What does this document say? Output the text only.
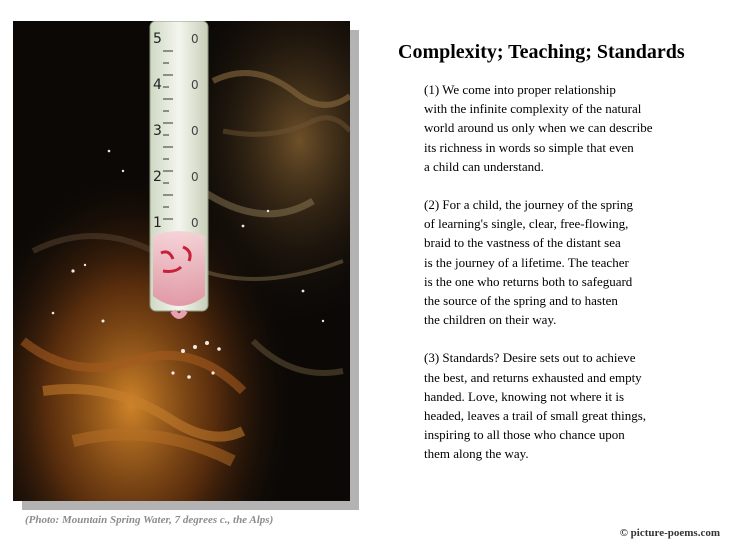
5
4
3
2
1
0
0
0
0
0
(Photo: Mountain Spring Water, 7 degrees c., the Alps)
Complexity; Teaching; Standards
(1) We come into proper relationship
with the infinite complexity of the natural
world around us only when we can describe
its richness in words so simple that even
a child can understand.
(2) For a child, the journey of the spring
of learning's single, clear, free-flowing,
braid to the vastness of the distant sea
is the journey of a lifetime. The teacher
is the one who returns both to safeguard
the source of the spring and to hasten
the children on their way.
(3) Standards? Desire sets out to achieve
the best, and returns exhausted and empty
handed. Love, knowing not where it is
headed, leaves a trail of small great things,
inspiring to all those who chance upon
them along the way.
© picture-poems.com
